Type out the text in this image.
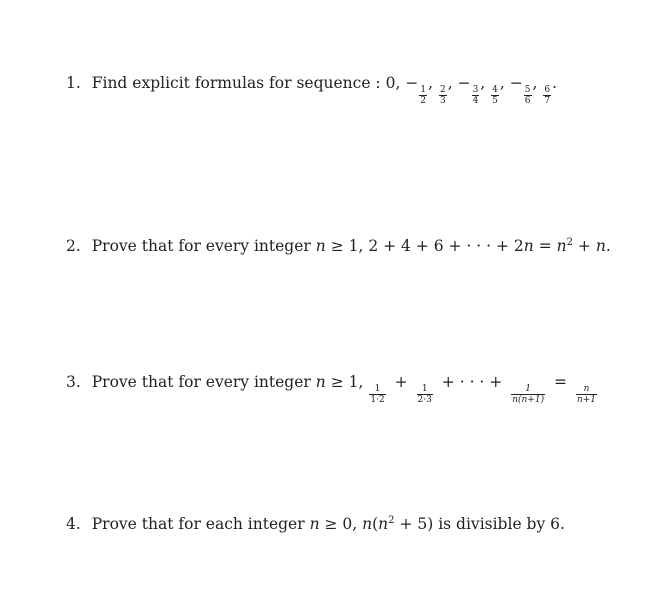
1. Find explicit formulas for sequence : 0, −
$\frac{1}{2}$
,
$\frac{2}{3}$
, −
$\frac{3}{4}$
,
$\frac{4}{5}$
, −
$\frac{5}{6}$
,
$\frac{6}{7}$
.
2. Prove that for every integer n ≥ 1, 2 + 4 + 6 + · · · + $2n = n^2 + n$.
3. Prove that for every integer n ≥ 1,
$\frac{1}{1\cdot 2}$
+
$\frac{1}{2\cdot 3}$
+ · · · +
$\frac{1}{n(n+1)}$
=
$\frac{n}{n+1}$
4. Prove that for each integer n ≥ 0, $n(n^2 + 5)$ is divisible by 6.
